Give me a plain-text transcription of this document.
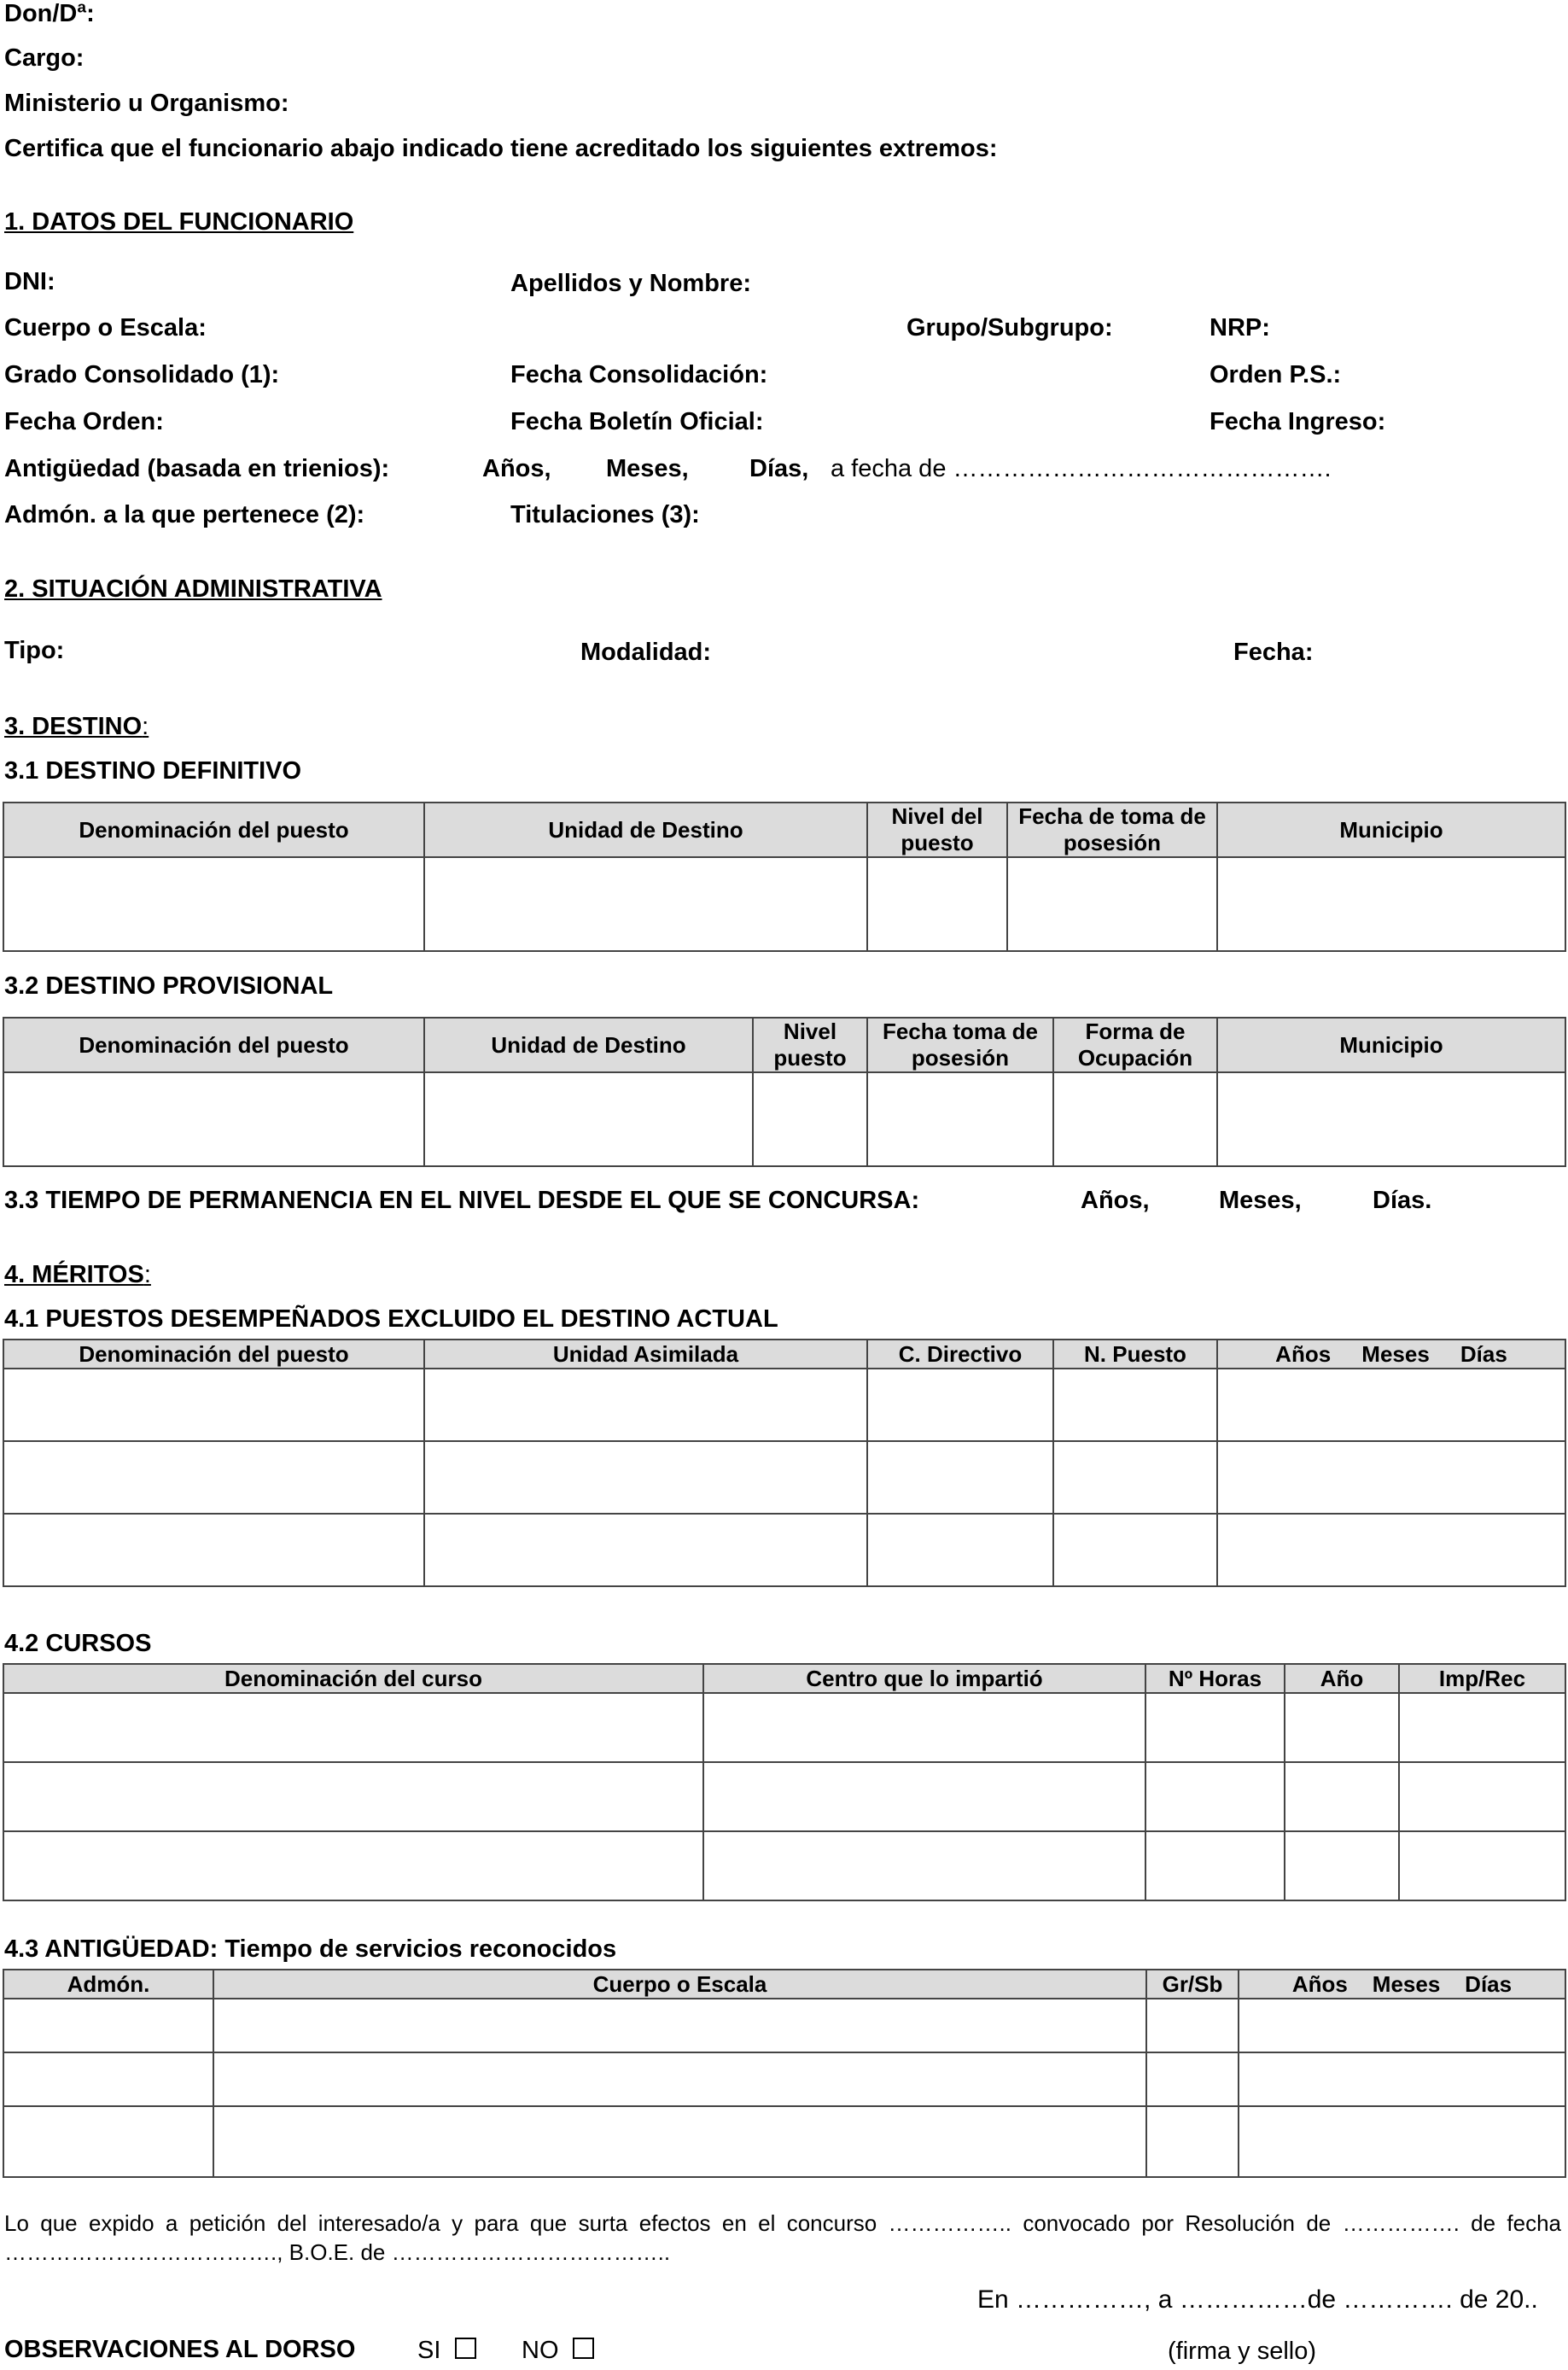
Don/Dª:
Cargo:
Ministerio u Organismo:
Certifica que el funcionario abajo indicado tiene acreditado los siguientes extremos:
1. DATOS DEL FUNCIONARIO
DNI:	Apellidos y Nombre:
Cuerpo o Escala:	Grupo/Subgrupo:	NRP:
Grado Consolidado (1):	Fecha Consolidación:	Orden P.S.:
Fecha Orden:	Fecha Boletín Oficial:	Fecha Ingreso:
Antigüedad (basada en trienios):	Años, Meses, Días, a fecha de ……………………………………….
Admón. a la que pertenece (2):	Titulaciones (3):
2. SITUACIÓN ADMINISTRATIVA
Tipo:	Modalidad:	Fecha:
3. DESTINO:
3.1 DESTINO DEFINITIVO
Denominación del puesto	Unidad de Destino	Nivel del puesto	Fecha de toma de posesión	Municipio

3.2 DESTINO PROVISIONAL
Denominación del puesto	Unidad de Destino	Nivel puesto	Fecha toma de posesión	Forma de Ocupación	Municipio

3.3 TIEMPO DE PERMANENCIA EN EL NIVEL DESDE EL QUE SE CONCURSA:	Años,	Meses,	Días.
4. MÉRITOS:
4.1 PUESTOS DESEMPEÑADOS EXCLUIDO EL DESTINO ACTUAL
Denominación del puesto	Unidad Asimilada	C. Directivo	N. Puesto	Años     Meses     Días

4.2 CURSOS
Denominación del curso	Centro que lo impartió	Nº Horas	Año	Imp/Rec

4.3 ANTIGÜEDAD: Tiempo de servicios reconocidos
Admón.	Cuerpo o Escala	Gr/Sb	Años    Meses    Días

Lo que expido a petición del interesado/a y para que surta efectos en el concurso …………….. convocado por Resolución de ……………. de fecha
………………………………., B.O.E. de ………………………………..
En ……………, a ……………de …………. de 20..
OBSERVACIONES AL DORSO	SI	NO	(firma y sello)
